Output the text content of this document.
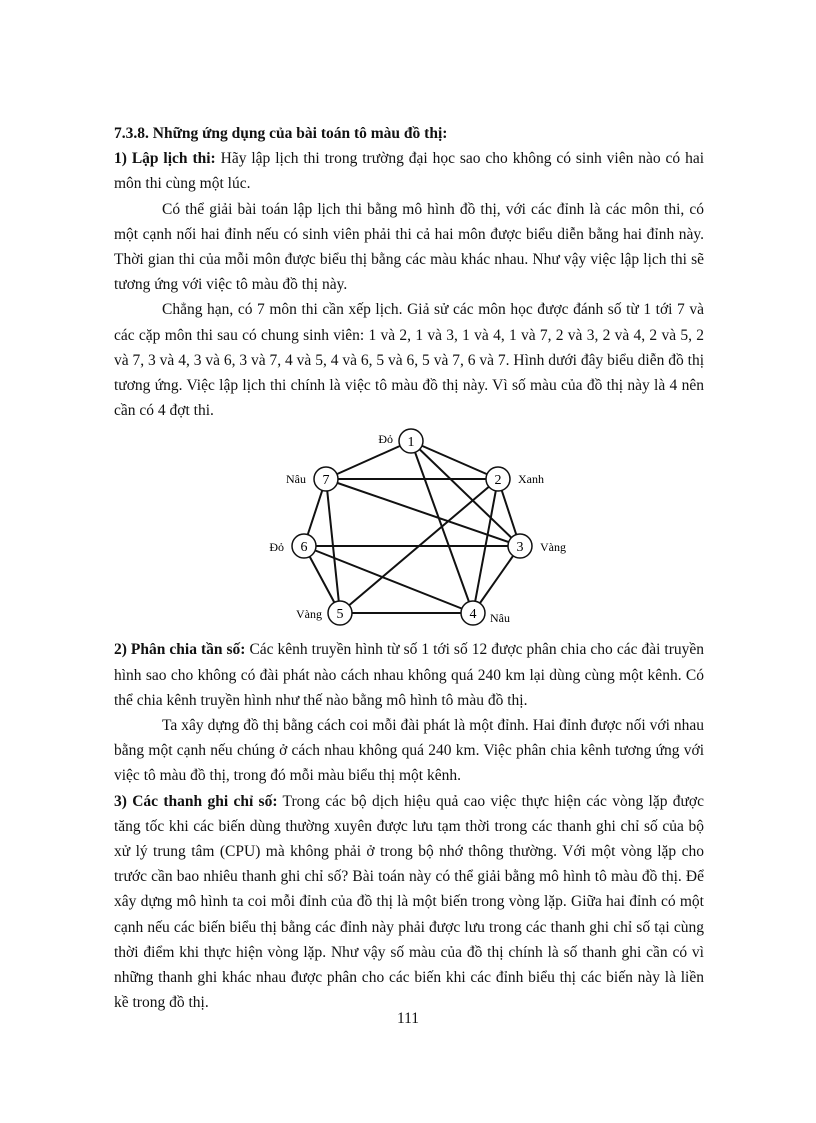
7.3.8. Những ứng dụng của bài toán tô màu đồ thị:

1) Lập lịch thi: Hãy lập lịch thi trong trường đại học sao cho không có sinh viên nào có hai môn thi cùng một lúc.

Có thể giải bài toán lập lịch thi bằng mô hình đồ thị, với các đỉnh là các môn thi, có một cạnh nối hai đỉnh nếu có sinh viên phải thi cả hai môn được biểu diễn bằng hai đỉnh này. Thời gian thi của mỗi môn được biểu thị bằng các màu khác nhau. Như vậy việc lập lịch thi sẽ tương ứng với việc tô màu đồ thị này.

Chẳng hạn, có 7 môn thi cần xếp lịch. Giả sử các môn học được đánh số từ 1 tới 7 và các cặp môn thi sau có chung sinh viên: 1 và 2, 1 và 3, 1 và 4, 1 và 7, 2 và 3, 2 và 4, 2 và 5, 2 và 7, 3 và 4, 3 và 6, 3 và 7, 4 và 5, 4 và 6, 5 và 6, 5 và 7, 6 và 7. Hình dưới đây biểu diễn đồ thị tương ứng. Việc lập lịch thi chính là việc tô màu đồ thị này. Vì số màu của đồ thị này là 4 nên cần có 4 đợt thi.

1
Đỏ
2 Xanh
3 Vàng
4 Nâu
5
Vàng
6
Đỏ
7
Nâu

2) Phân chia tần số: Các kênh truyền hình từ số 1 tới số 12 được phân chia cho các đài truyền hình sao cho không có đài phát nào cách nhau không quá 240 km lại dùng cùng một kênh. Có thể chia kênh truyền hình như thế nào bằng mô hình tô màu đồ thị.

Ta xây dựng đồ thị bằng cách coi mỗi đài phát là một đỉnh. Hai đỉnh được nối với nhau bằng một cạnh nếu chúng ở cách nhau không quá 240 km. Việc phân chia kênh tương ứng với việc tô màu đồ thị, trong đó mỗi màu biểu thị một kênh.

3) Các thanh ghi chỉ số: Trong các bộ dịch hiệu quả cao việc thực hiện các vòng lặp được tăng tốc khi các biến dùng thường xuyên được lưu tạm thời trong các thanh ghi chỉ số của bộ xử lý trung tâm (CPU) mà không phải ở trong bộ nhớ thông thường. Với một vòng lặp cho trước cần bao nhiêu thanh ghi chỉ số? Bài toán này có thể giải bằng mô hình tô màu đồ thị. Để xây dựng mô hình ta coi mỗi đỉnh của đồ thị là một biến trong vòng lặp. Giữa hai đỉnh có một cạnh nếu các biến biểu thị bằng các đỉnh này phải được lưu trong các thanh ghi chỉ số tại cùng thời điểm khi thực hiện vòng lặp. Như vậy số màu của đồ thị chính là số thanh ghi cần có vì những thanh ghi khác nhau được phân cho các biến khi các đỉnh biểu thị các biến này là liền kề trong đồ thị.

111
